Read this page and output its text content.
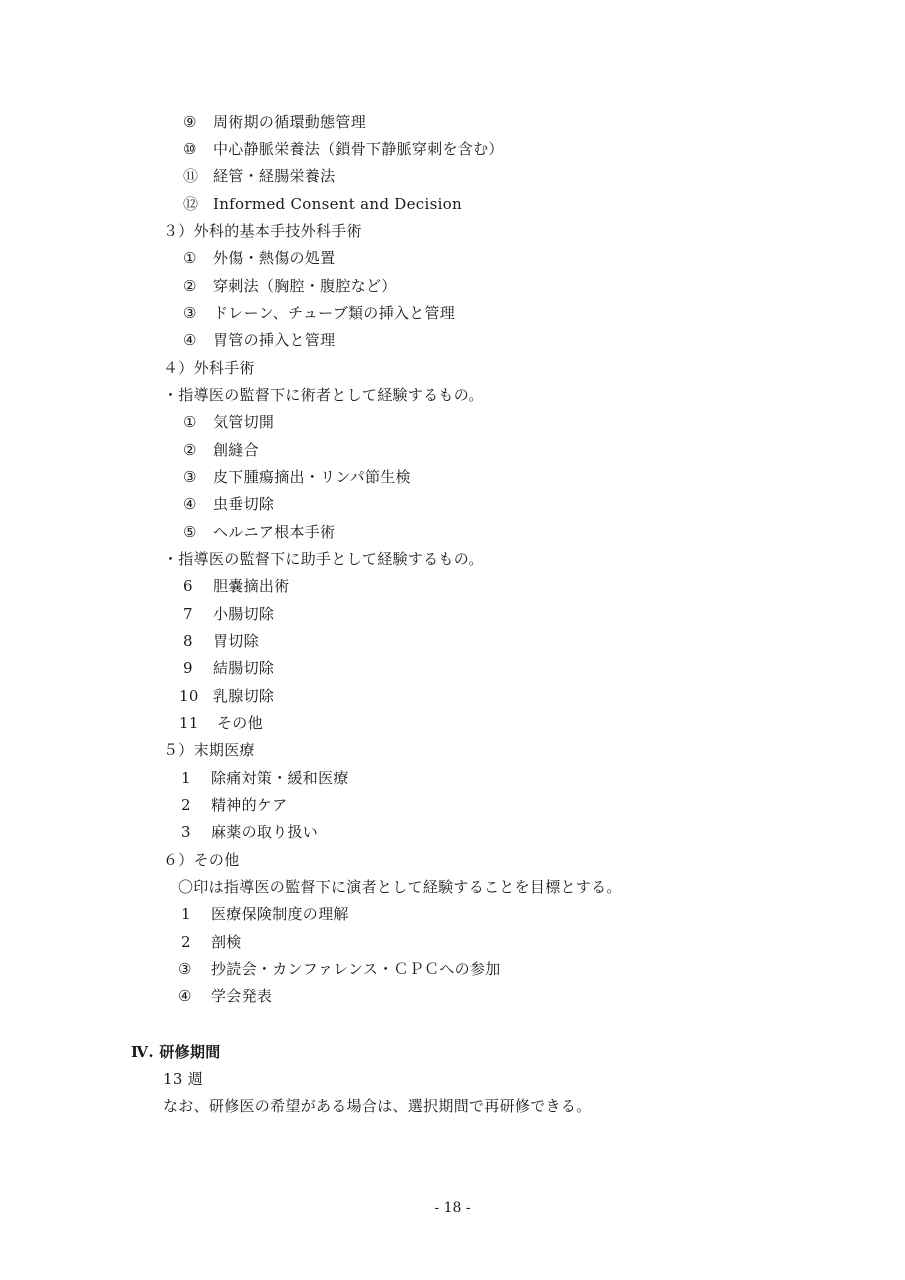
⑨ 周術期の循環動態管理
⑩ 中心静脈栄養法（鎖骨下静脈穿刺を含む）
⑪ 経管・経腸栄養法
⑫ Informed Consent and Decision
３）外科的基本手技外科手術
① 外傷・熱傷の処置
② 穿刺法（胸腔・腹腔など）
③ ドレーン、チューブ類の挿入と管理
④ 胃管の挿入と管理
４）外科手術
・指導医の監督下に術者として経験するもの。
① 気管切開
② 創縫合
③ 皮下腫瘍摘出・リンパ節生検
④ 虫垂切除
⑤ ヘルニア根本手術
・指導医の監督下に助手として経験するもの。
6 胆嚢摘出術
7 小腸切除
8 胃切除
9 結腸切除
10 乳腺切除
11 その他
５）末期医療
1 除痛対策・緩和医療
2 精神的ケア
3 麻薬の取り扱い
６）その他
〇印は指導医の監督下に演者として経験することを目標とする。
1 医療保険制度の理解
2 剖検
③ 抄読会・カンファレンス・ＣＰＣへの参加
④ 学会発表
Ⅳ. 研修期間
13 週
なお、研修医の希望がある場合は、選択期間で再研修できる。
- 18 -
